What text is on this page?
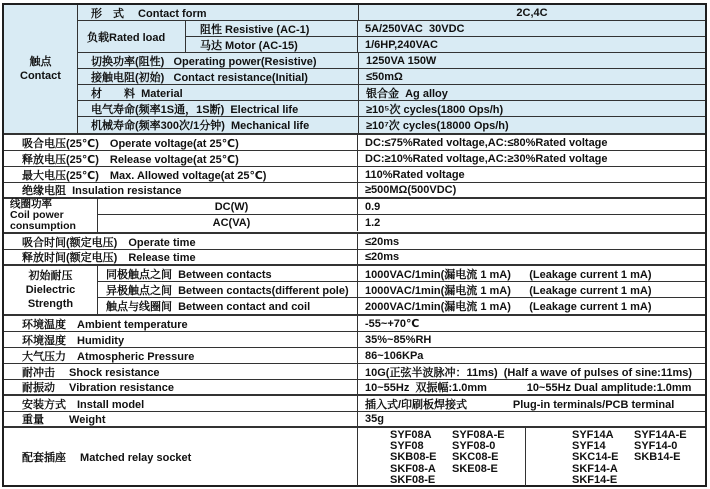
触点
Contact
形　式　 Contact form	2C,4C
负载Rated load
阻性 Resistive (AC-1)	5A/250VAC  30VDC
马达 Motor (AC-15)	1/6HP,240VAC
切换功率(阻性)   Operating power(Resistive)	1250VA 150W
接触电阻(初始)   Contact resistance(Initial)	≤50mΩ
材　　料  Material	银合金  Ag alloy
电气寿命(频率1S通，1S断)  Electrical life	≥10⁵次 cycles(1800 Ops/h)
机械寿命(频率300次/1分钟)  Mechanical life	≥10⁷次 cycles(18000 Ops/h)
吸合电压(25℃)　Operate voltage(at 25℃)	DC:≤75%Rated voltage,AC:≤80%Rated voltage
释放电压(25℃)　Release voltage(at 25℃)	DC:≥10%Rated voltage,AC:≥30%Rated voltage
最大电压(25℃)　Max. Allowed voltage(at 25℃)	110%Rated voltage
绝缘电阻  Insulation resistance	≥500MΩ(500VDC)
线圈功率
Coil power
consumption
DC(W)	0.9
AC(VA)	1.2
吸合时间(额定电压)　Operate time	≤20ms
释放时间(额定电压)　Release time	≤20ms
初始耐压
Dielectric
Strength
同极触点之间  Between contacts	1000VAC/1min(漏电流 1 mA)      (Leakage current 1 mA)
异极触点之间  Between contacts(different pole)	1000VAC/1min(漏电流 1 mA)      (Leakage current 1 mA)
触点与线圈间  Between contact and coil	2000VAC/1min(漏电流 1 mA)      (Leakage current 1 mA)
环境温度　Ambient temperature	-55~+70℃
环境湿度　Humidity	35%~85%RH
大气压力　Atmospheric Pressure	86~106KPa
耐冲击　 Shock resistance	10G(正弦半波脉冲：11ms)  (Half a wave of pulses of sine:11ms)
耐振动　 Vibration resistance	10~55Hz  双振幅:1.0mm             10~55Hz Dual amplitude:1.0mm
安装方式　Install model	插入式/印刷板焊接式               Plug-in terminals/PCB terminal
重量　　 Weight	35g
配套插座　 Matched relay socket
SYF08A	SYF08A-E
SYF08	SYF08-0
SKB08-E	SKC08-E
SKF08-A	SKE08-E
SKF08-E
SYF14A	SYF14A-E
SYF14	SYF14-0
SKC14-E	SKB14-E
SKF14-A
SKF14-E
